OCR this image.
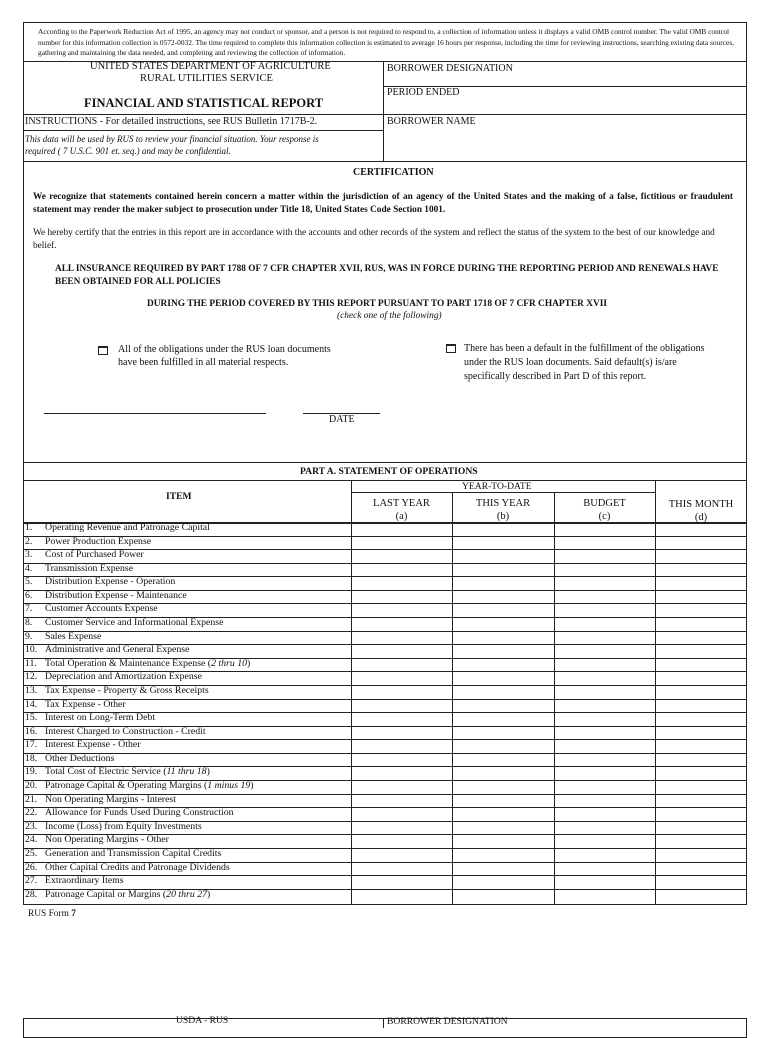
According to the Paperwork Reduction Act of 1995, an agency may not conduct or sponsor, and a person is not required to respond to, a collection of information unless it displays a valid OMB control number. The valid OMB control number for this information collection is 0572-0032. The time required to complete this information collection is estimated to average 16 hours per response, including the time for reviewing instructions, searching existing data sources, gathering and maintaining the data needed, and completing and reviewing the collection of information.
UNITED STATES DEPARTMENT OF AGRICULTURE
RURAL UTILITIES SERVICE
FINANCIAL AND STATISTICAL REPORT
INSTRUCTIONS - For detailed instructions, see RUS Bulletin 1717B-2.
This data will be used by RUS to review your financial situation. Your response is
required ( 7 U.S.C. 901 et. seq.) and may be confidential.
BORROWER DESIGNATION
PERIOD ENDED
BORROWER NAME
CERTIFICATION
We recognize that statements contained herein concern a matter within the jurisdiction of an agency of the United States and the making of a false, fictitious or fraudulent statement may render the maker subject to prosecution under Title 18, United States Code Section 1001.
We hereby certify that the entries in this report are in accordance with the accounts and other records of the system and reflect the status of the system to the best of our knowledge and belief.
ALL INSURANCE REQUIRED BY PART 1788 OF 7 CFR CHAPTER XVII, RUS, WAS IN FORCE DURING THE REPORTING PERIOD AND RENEWALS HAVE BEEN OBTAINED FOR ALL POLICIES
DURING THE PERIOD COVERED BY THIS REPORT PURSUANT TO PART 1718 OF 7 CFR CHAPTER XVII
(check one of the following)
All of the obligations under the RUS loan documents
have been fulfilled in all material respects.
There has been a default in the fulfillment of the obligations
under the RUS loan documents. Said default(s) is/are
specifically described in Part D of this report.
DATE
PART A. STATEMENT OF OPERATIONS
ITEM
YEAR-TO-DATE
LAST YEAR
(a)
THIS YEAR
(b)
BUDGET
(c)
THIS MONTH
(d)
1. Operating Revenue and Patronage Capital
2. Power Production Expense
3. Cost of Purchased Power
4. Transmission Expense
5. Distribution Expense - Operation
6. Distribution Expense - Maintenance
7. Customer Accounts Expense
8. Customer Service and Informational Expense
9. Sales Expense
10. Administrative and General Expense
11. Total Operation & Maintenance Expense (2 thru 10)
12. Depreciation and Amortization Expense
13. Tax Expense - Property & Gross Receipts
14. Tax Expense - Other
15. Interest on Long-Term Debt
16. Interest Charged to Construction - Credit
17. Interest Expense - Other
18. Other Deductions
19. Total Cost of Electric Service (11 thru 18)
20. Patronage Capital & Operating Margins (1 minus 19)
21. Non Operating Margins - Interest
22. Allowance for Funds Used During Construction
23. Income (Loss) from Equity Investments
24. Non Operating Margins - Other
25. Generation and Transmission Capital Credits
26. Other Capital Credits and Patronage Dividends
27. Extraordinary Items
28. Patronage Capital or Margins (20 thru 27)
RUS Form 7
USDA - RUS	BORROWER DESIGNATION
